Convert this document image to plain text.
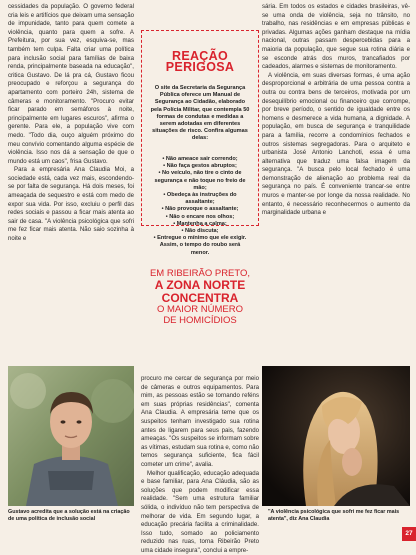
cessidades da população. O governo federal cria leis e artifícios que deixam uma sensação de impunidade, tanto para quem comete a violência, quanto para quem a sofre. A Prefeitura, por sua vez, esquiva-se, mas também tem culpa. Falta criar uma política para inclusão social para famílias de baixa renda, principalmente baseada na educação", critica Gustavo. De lá pra cá, Gustavo ficou preocupado e reforçou a segurança do apartamento com porteiro 24h, sistema de câmeras e monitoramento. "Procuro evitar ficar parado em semáforos à noite, principalmente em lugares escuros", afirma o gerente. Para ele, a população vive com medo. "Todo dia, ouço alguém próximo do meu convívio comentando alguma espécie de violência. Isso nos dá a sensação de que o mundo está um caos", frisa Gustavo.

Para a empresária Ana Claudia Moi, a sociedade está, cada vez mais, escondendo-se por falta de segurança. Há dois meses, foi ameaçada de sequestro e está com medo de expor sua vida. Por isso, excluiu o perfil das redes sociais e passou a ficar mais atenta ao sair de casa. "A violência psicológica que sofri me fez ficar mais atenta. Não saio sozinha à noite e

REAÇÃO
PERIGOSA
O site da Secretaria da Segurança Pública oferece um Manual de Segurança ao Cidadão, elaborado pela Polícia Militar, que contempla 50 formas de condutas e medidas a serem adotadas em diferentes situações de risco. Confira algumas delas:
• Não ameace sair correndo;
• Não faça gestos abruptos;
• No veículo, não tire o cinto de segurança e não toque no freio de mão;
• Obedeça às instruções do assaltante;
• Não provoque o assaltante;
• Não o encare nos olhos;
• Mantenha a calma;
• Não discuta;
• Entregue o mínimo que ele exigir. Assim, o tempo do roubo será menor.
EM RIBEIRÃO PRETO,
A ZONA NORTE
CONCENTRA
O MAIOR NÚMERO
DE HOMICÍDIOS

procuro me cercar de segurança por meio de câmeras e outros equipamentos. Para mim, as pessoas estão se tornando reféns em suas próprias residências", comenta Ana Claudia. A empresária teme que os suspeitos tenham investigado sua rotina antes de ligarem para seus pais, fazendo ameaças. "Os suspeitos se informam sobre as vítimas, estudam sua rotina e, como não temos segurança suficiente, fica fácil cometer um crime", avalia.

Melhor qualificação, educação adequada e base familiar, para Ana Cláudia, são as soluções que podem modificar essa realidade. "Sem uma estrutura familiar sólida, o indivíduo não tem perspectiva de melhorar de vida. Em segundo lugar, a educação precária facilita a criminalidade. Isso tudo, somado ao policiamento reduzido nas ruas, torna Ribeirão Preto uma cidade insegura", conclui a empre-

sária. Em todos os estados e cidades brasileiras, vê-se uma onda de violência, seja no trânsito, no trabalho, nas residências e em empresas públicas e privadas. Algumas ações ganham destaque na mídia nacional, outras passam despercebidas para a maioria da população, que segue sua rotina diária e se esconde atrás dos muros, trancafiados por cadeados, alarmes e sistemas de monitoramento.

A violência, em suas diversas formas, é uma ação desproporcional e arbitrária de uma pessoa contra a outra ou contra bens de terceiros, motivada por um desequilíbrio emocional ou financeiro que corrompe, por breve período, o sentido de igualdade entre os homens e desmerece a vida humana, a dignidade. A população, em busca de segurança e tranquilidade para a família, recorre a condomínios fechados e outros sistemas segregadoras. Para o arquiteto e urbanista José Antonio Lanchoti, essa é uma alternativa que traduz uma falsa imagem da segurança. "A busca pelo local fechado é uma demonstração de alienação ao problema real da segurança no país. É conveniente trancar-se entre muros e manter-se por longe da nossa realidade. No entanto, é necessário reconhecermos o aumento da marginalidade urbana e

Gustavo acredita que a solução está na criação de uma política de inclusão social
"A violência psicológica que sofri me fez ficar mais atenta", diz Ana Claudia
27
